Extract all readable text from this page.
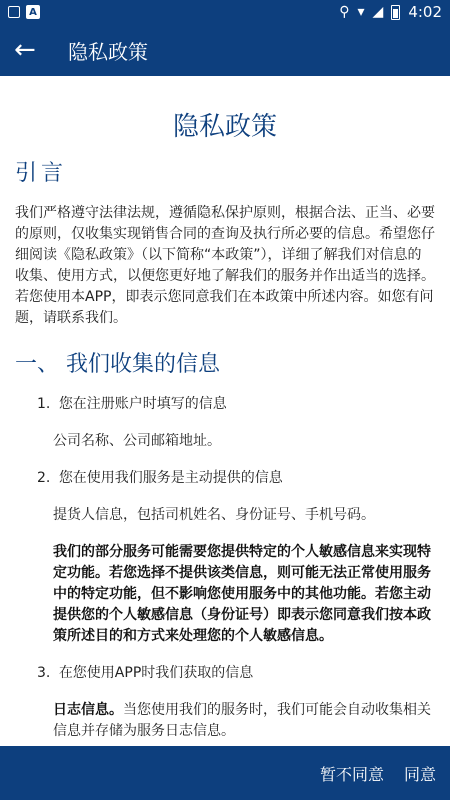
A	⚲ ▾ ◢ 4:02
←	隐私政策
隐私政策
引言
我们严格遵守法律法规，遵循隐私保护原则，根据合法、正当、必要的原则，仅收集实现销售合同的查询及执行所必要的信息。希望您仔细阅读《隐私政策》（以下简称“本政策”），详细了解我们对信息的收集、使用方式，以便您更好地了解我们的服务并作出适当的选择。若您使用本APP，即表示您同意我们在本政策中所述内容。如您有问题，请联系我们。
一、 我们收集的信息
1. 您在注册账户时填写的信息
公司名称、公司邮箱地址。
2. 您在使用我们服务是主动提供的信息
提货人信息，包括司机姓名、身份证号、手机号码。
我们的部分服务可能需要您提供特定的个人敏感信息来实现特定功能。若您选择不提供该类信息，则可能无法正常使用服务中的特定功能，但不影响您使用服务中的其他功能。若您主动提供您的个人敏感信息（身份证号）即表示您同意我们按本政策所述目的和方式来处理您的个人敏感信息。
3. 在您使用APP时我们获取的信息
日志信息。当您使用我们的服务时，我们可能会自动收集相关信息并存储为服务日志信息。
暂不同意 同意
